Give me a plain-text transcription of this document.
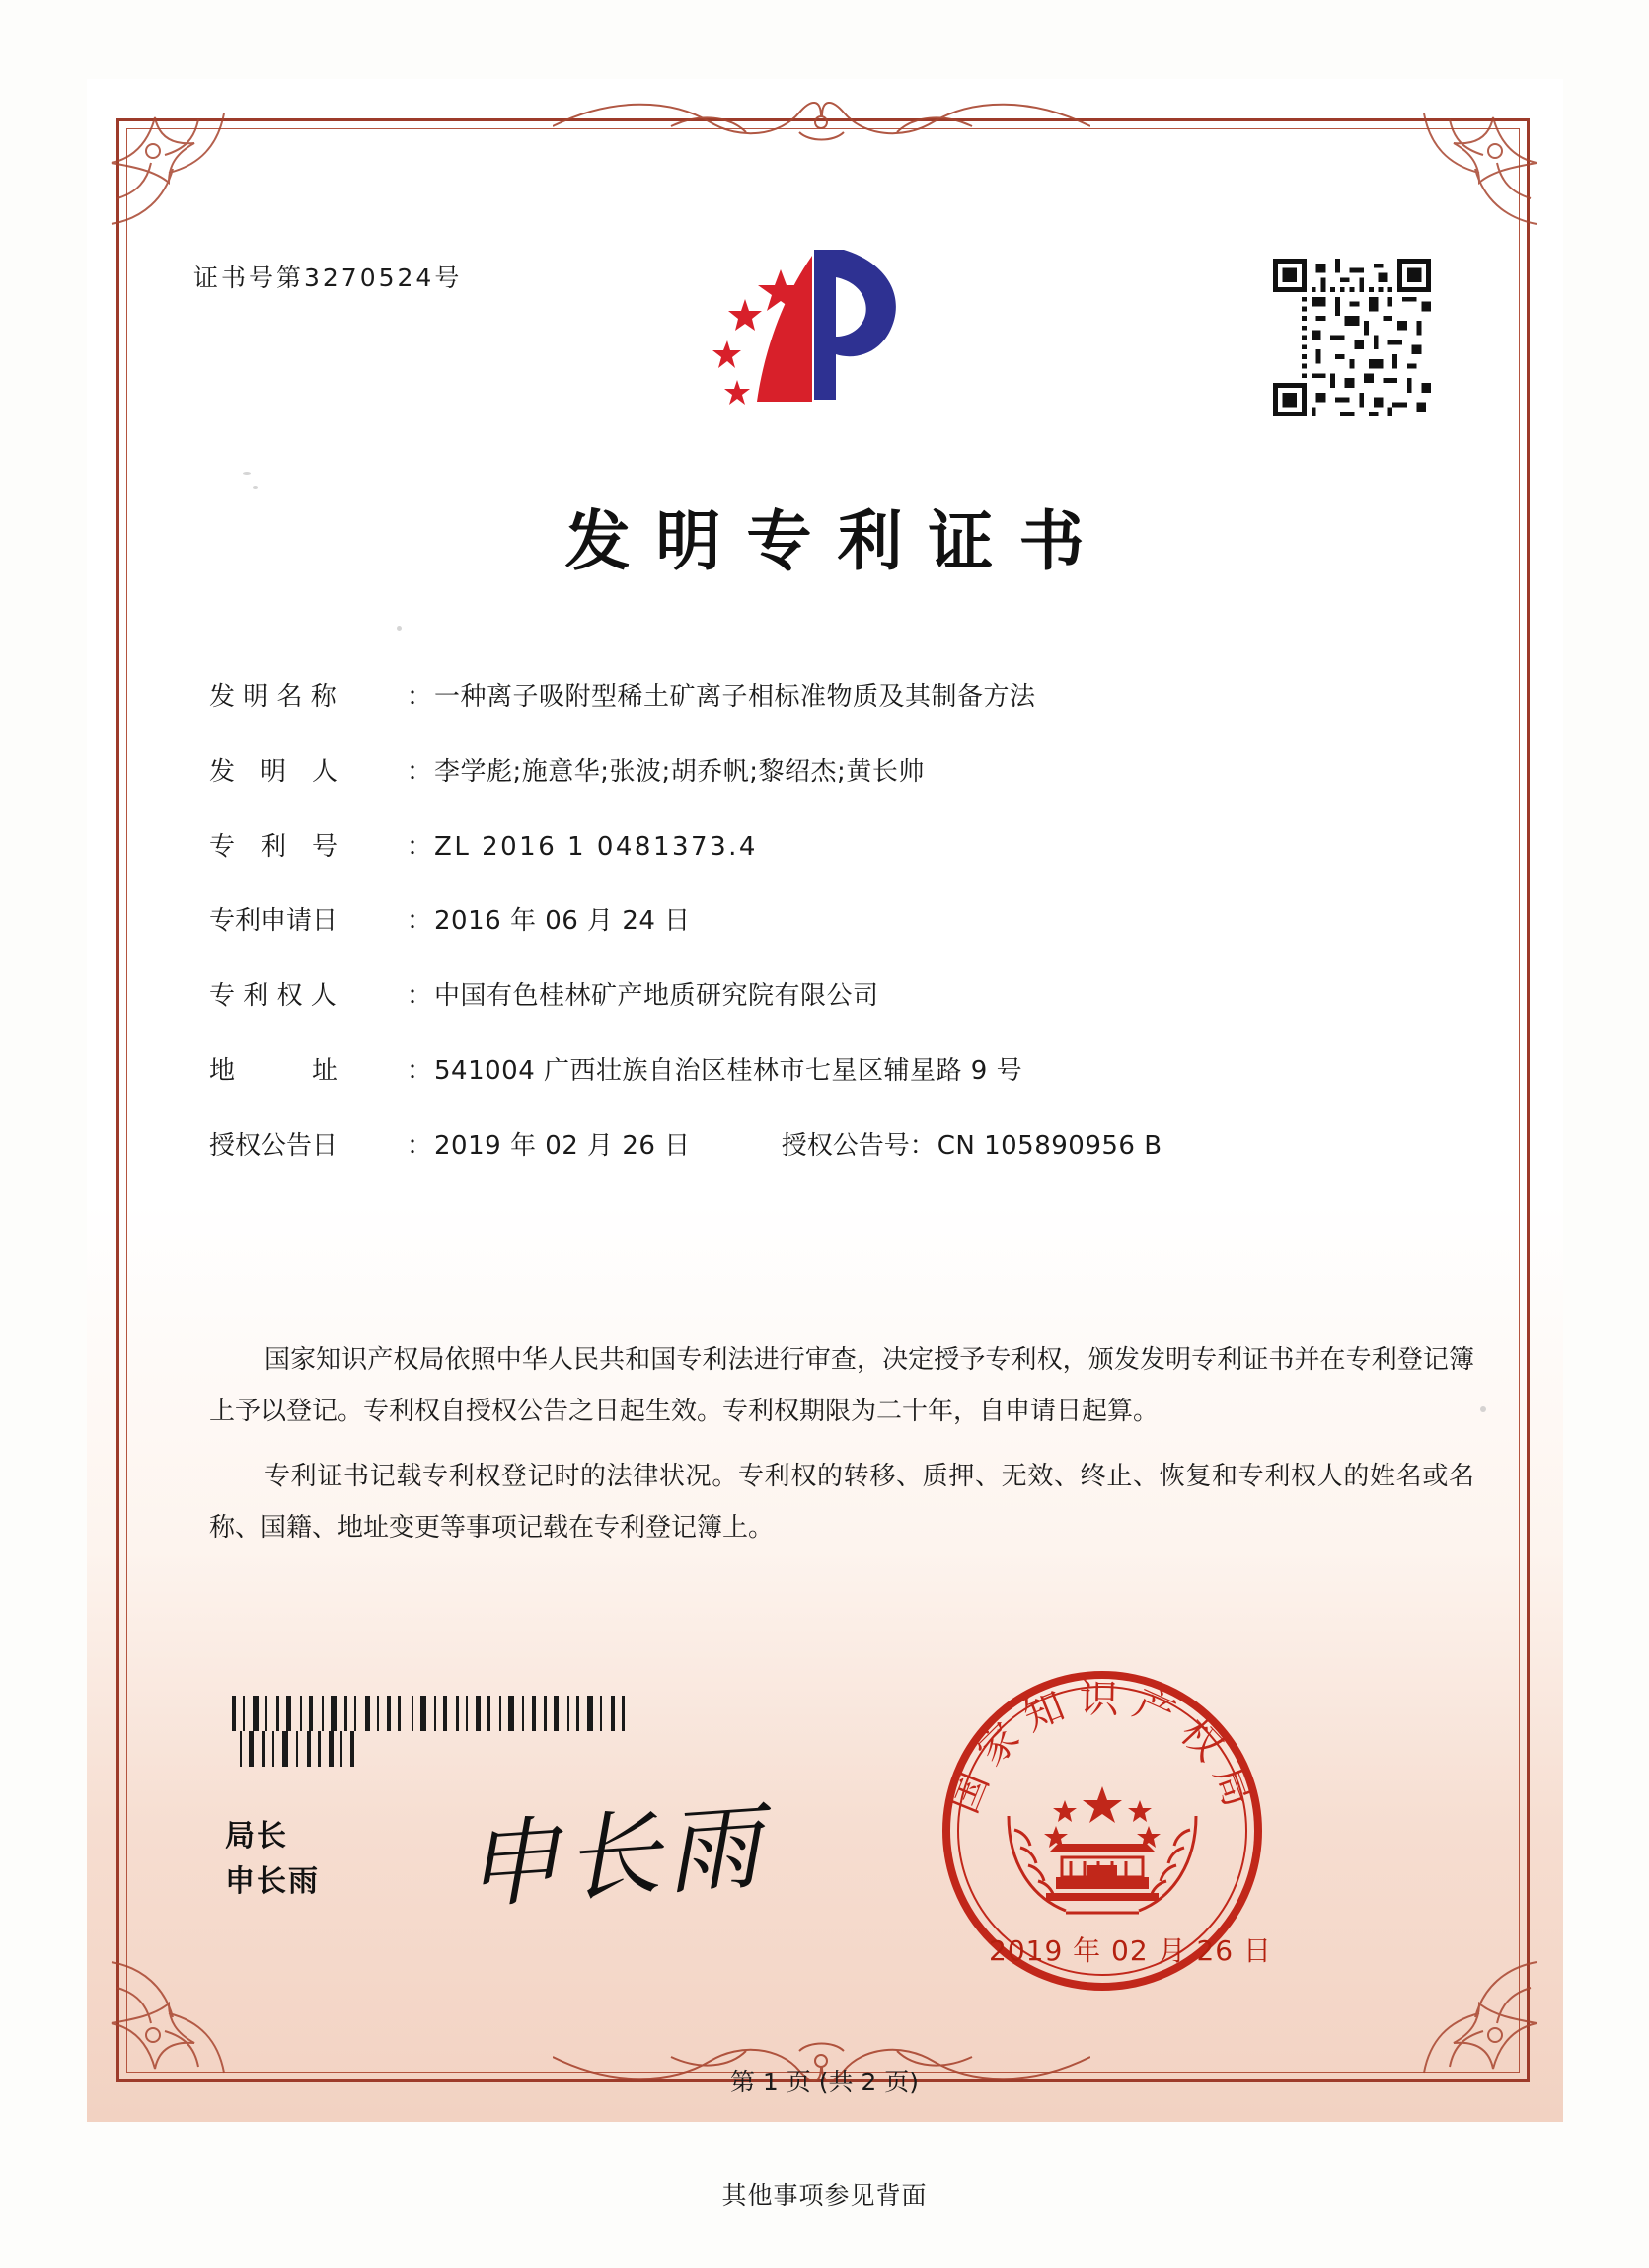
证书号第3270524号
发明专利证书
发 明 名 称	： 一种离子吸附型稀土矿离子相标准物质及其制备方法
发　明　人	： 李学彪;施意华;张波;胡乔帆;黎绍杰;黄长帅
专　利　号	： ZL 2016 1 0481373.4
专利申请日	： 2016 年 06 月 24 日
专 利 权 人	： 中国有色桂林矿产地质研究院有限公司
地　　　址	： 541004 广西壮族自治区桂林市七星区辅星路 9 号
授权公告日	： 2019 年 02 月 26 日	授权公告号 ： CN 105890956 B

国家知识产权局依照中华人民共和国专利法进行审查，决定授予专利权，颁发发明专利证书并在专利登记簿上予以登记。专利权自授权公告之日起生效。专利权期限为二十年，自申请日起算。

专利证书记载专利权登记时的法律状况。专利权的转移、质押、无效、终止、恢复和专利权人的姓名或名称、国籍、地址变更等事项记载在专利登记簿上。

局长
申长雨 申长雨
国家知识产权局
2019 年 02 月 26 日
第 1 页 (共 2 页)
其他事项参见背面
